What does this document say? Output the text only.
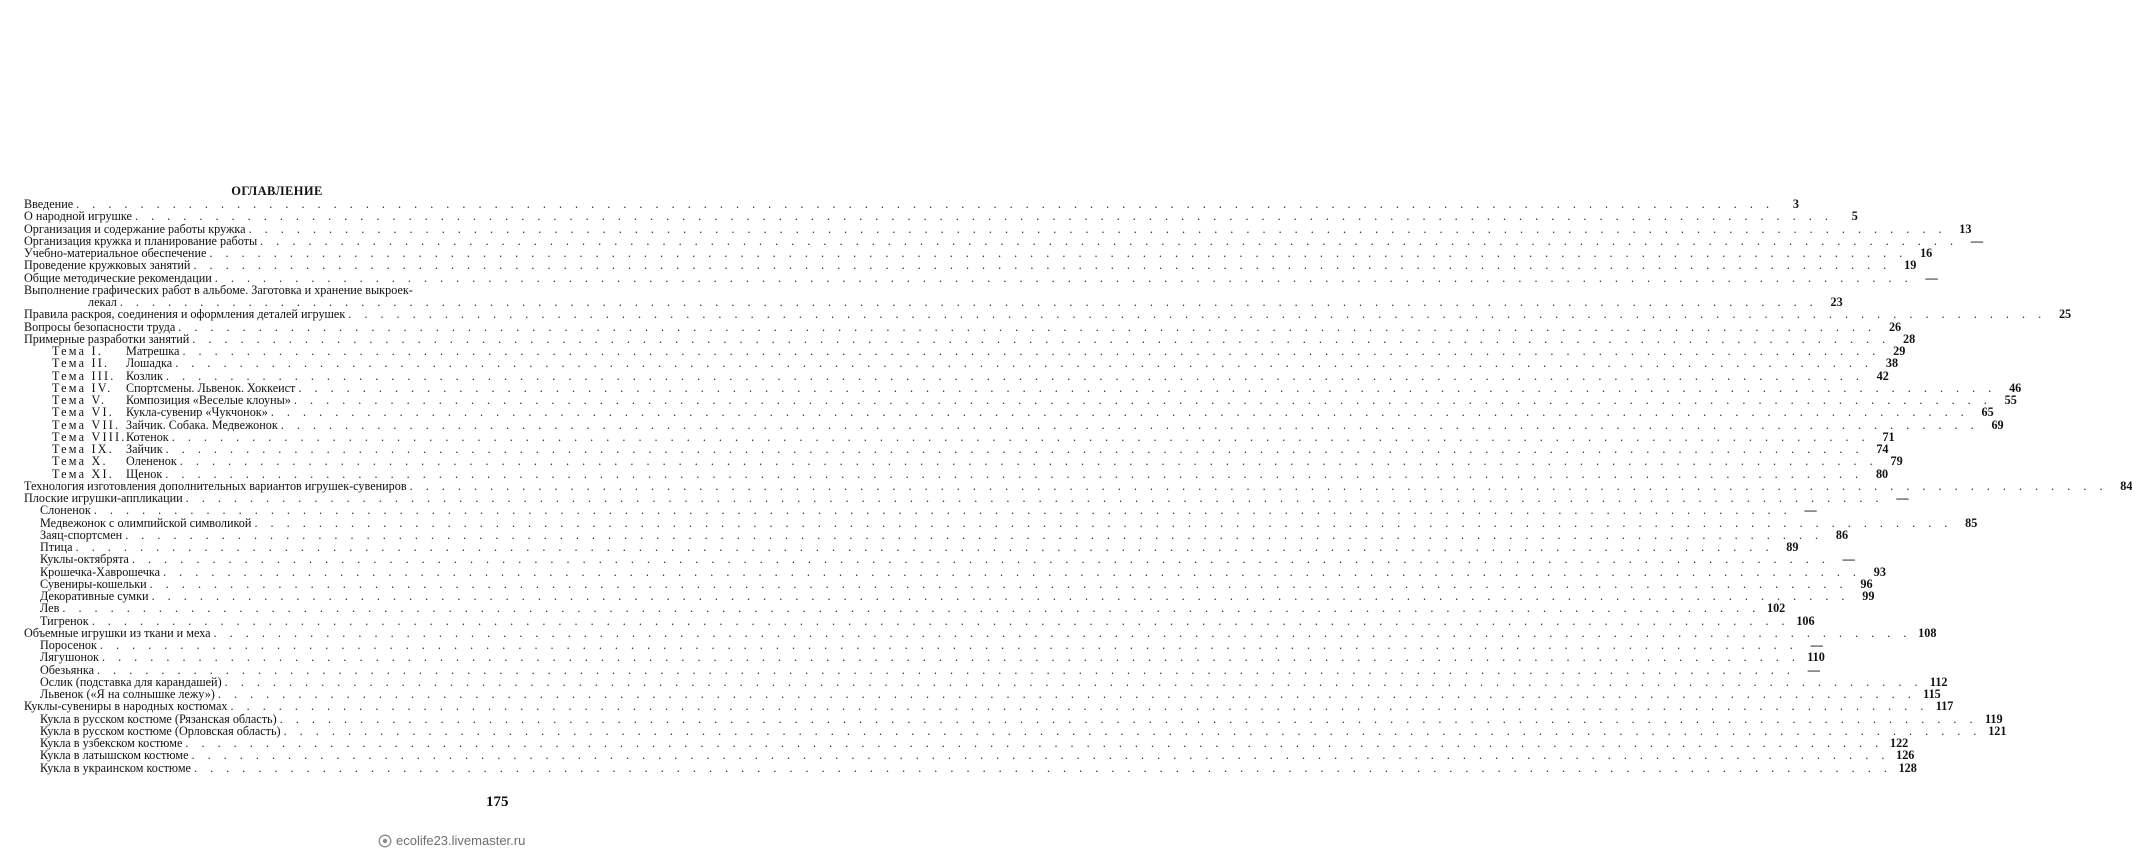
ОГЛАВЛЕНИЕ
Введение . . .	3
О народной игрушке . . .	5
Организация и содержание работы кружка . . .	13
Организация кружка и планирование работы . . .	—
Учебно-материальное обеспечение . . .	16
Проведение кружковых занятий . . .	19
Общие методические рекомендации . . .	—
Выполнение графических работ в альбоме. Заготовка и хранение выкроек-
лекал . . .	23
Правила раскроя, соединения и оформления деталей игрушек . . .	25
Вопросы безопасности труда . . .	26
Примерные разработки занятий . . .	28
Тема I. Матрешка . . .	29
Тема II. Лошадка . . .	38
Тема III. Козлик . . .	42
Тема IV. Спортсмены. Львенок. Хоккеист . . .	46
Тема V. Композиция «Веселые клоуны» . . .	55
Тема VI. Кукла-сувенир «Чукчонок» . . .	65
Тема VII. Зайчик. Собака. Медвежонок . . .	69
Тема VIII.Котенок . . .	71
Тема IX. Зайчик . . .	74
Тема X. Олененок . . .	79
Тема XI. Щенок . . .	80
Технология изготовления дополнительных вариантов игрушек-сувениров . . .	84
Плоские игрушки-аппликации . . .	—
Слоненок . . .	—
Медвежонок с олимпийской символикой . . .	85
Заяц-спортсмен . . .	86
Птица . . .	89
Куклы-октябрята . . .	—
Крошечка-Хаврошечка . . .	93
Сувениры-кошельки . . .	96
Декоративные сумки . . .	99
Лев . . .	102
Тигренок . . .	106
Объемные игрушки из ткани и меха . . .	108
Поросенок . . .	—
Лягушонок . . .	110
Обезьянка . . .	—
Ослик (подставка для карандашей) . . .	112
Львенок («Я на солнышке лежу») . . .	115
Куклы-сувениры в народных костюмах . . .	117
Кукла в русском костюме (Рязанская область) . . .	119
Кукла в русском костюме (Орловская область) . . .	121
Кукла в узбекском костюме . . .	122
Кукла в латышском костюме . . .	126
Кукла в украинском костюме . . .	128
175
ecolife23.livemaster.ru
